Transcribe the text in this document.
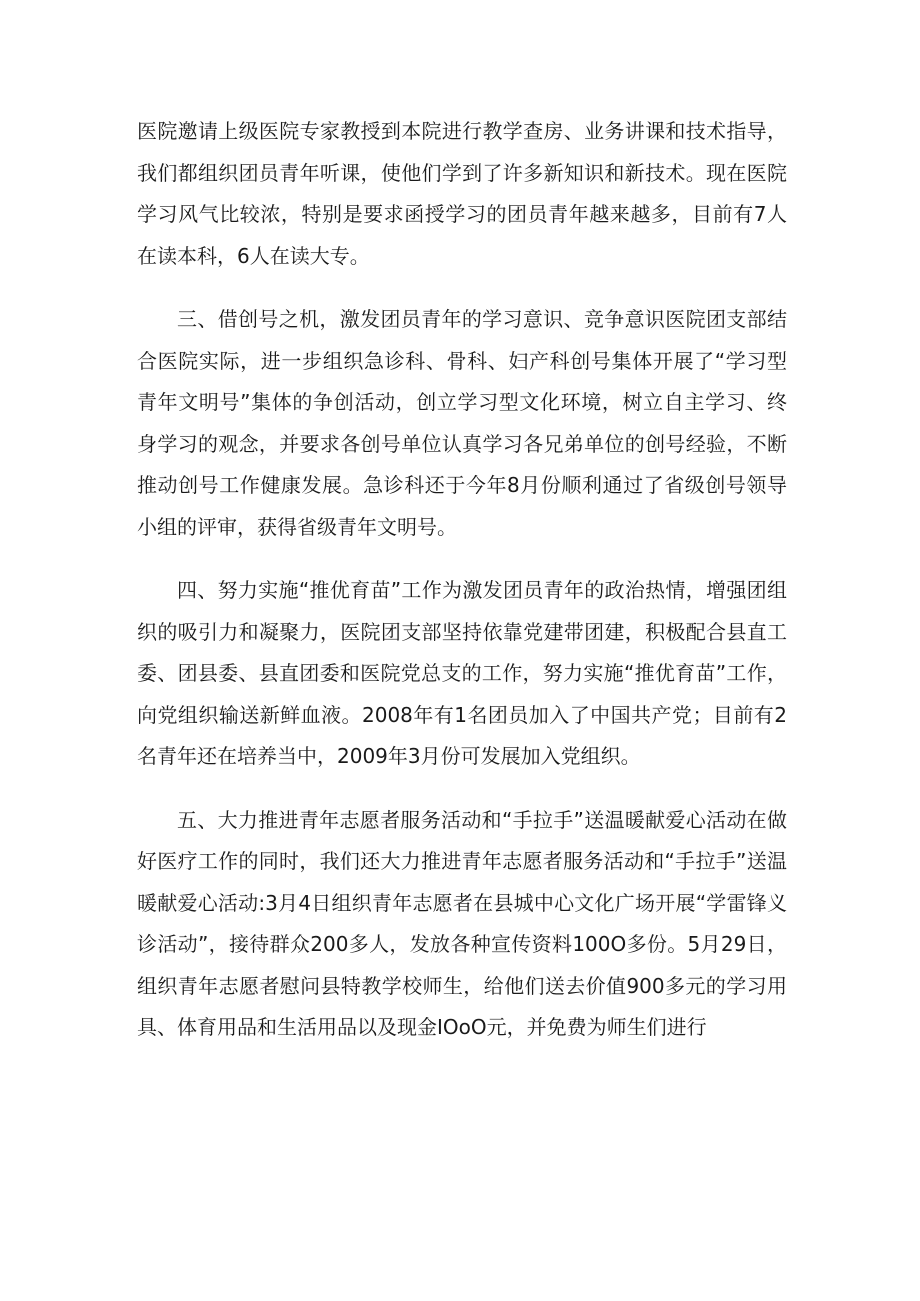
医院邀请上级医院专家教授到本院进行教学查房、业务讲课和技术指导，我们都组织团员青年听课，使他们学到了许多新知识和新技术。现在医院学习风气比较浓，特别是要求函授学习的团员青年越来越多，目前有7人在读本科，6人在读大专。

三、借创号之机，激发团员青年的学习意识、竞争意识医院团支部结合医院实际，进一步组织急诊科、骨科、妇产科创号集体开展了“学习型青年文明号”集体的争创活动，创立学习型文化环境，树立自主学习、终身学习的观念，并要求各创号单位认真学习各兄弟单位的创号经验，不断推动创号工作健康发展。急诊科还于今年8月份顺利通过了省级创号领导小组的评审，获得省级青年文明号。

四、努力实施“推优育苗”工作为激发团员青年的政治热情，增强团组织的吸引力和凝聚力，医院团支部坚持依靠党建带团建，积极配合县直工委、团县委、县直团委和医院党总支的工作，努力实施“推优育苗”工作，向党组织输送新鲜血液。2008年有1名团员加入了中国共产党；目前有2名青年还在培养当中，2009年3月份可发展加入党组织。

五、大力推进青年志愿者服务活动和“手拉手”送温暖献爱心活动在做好医疗工作的同时，我们还大力推进青年志愿者服务活动和“手拉手”送温暖献爱心活动:3月4日组织青年志愿者在县城中心文化广场开展“学雷锋义诊活动”，接待群众200多人，发放各种宣传资料100O多份。5月29日，组织青年志愿者慰问县特教学校师生，给他们送去价值900多元的学习用具、体育用品和生活用品以及现金IOoO元，并免费为师生们进行
